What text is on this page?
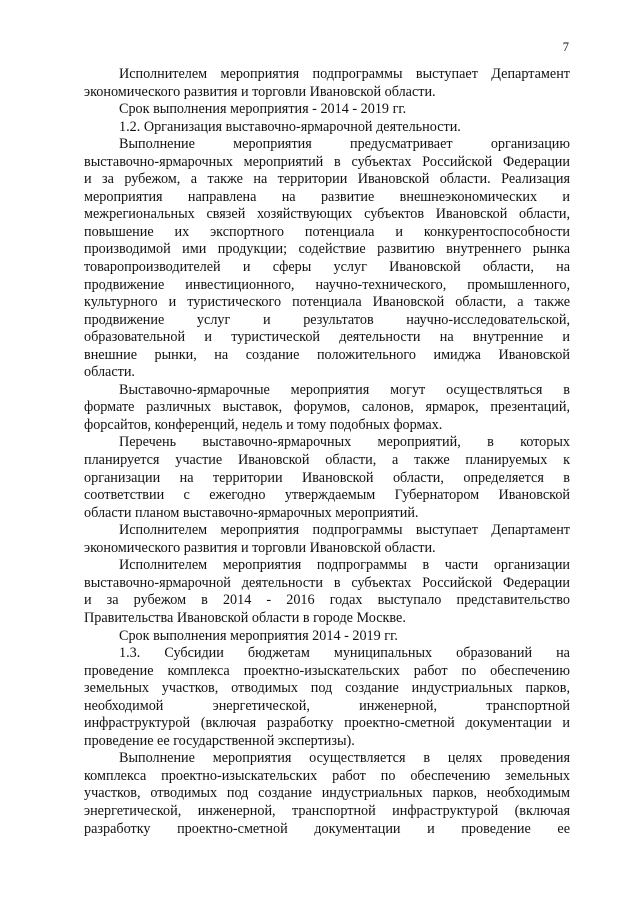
7
Исполнителем мероприятия подпрограммы выступает Департамент
экономического развития и торговли Ивановской области.
Срок выполнения мероприятия - 2014 - 2019 гг.
1.2. Организация выставочно-ярмарочной деятельности.
Выполнение мероприятия предусматривает организацию
выставочно-ярмарочных мероприятий в субъектах Российской Федерации
и за рубежом, а также на территории Ивановской области. Реализация
мероприятия направлена на развитие внешнеэкономических и
межрегиональных связей хозяйствующих субъектов Ивановской области,
повышение их экспортного потенциала и конкурентоспособности
производимой ими продукции; содействие развитию внутреннего рынка
товаропроизводителей и сферы услуг Ивановской области, на
продвижение инвестиционного, научно-технического, промышленного,
культурного и туристического потенциала Ивановской области, а также
продвижение услуг и результатов научно-исследовательской,
образовательной и туристической деятельности на внутренние и
внешние рынки, на создание положительного имиджа Ивановской
области.
Выставочно-ярмарочные мероприятия могут осуществляться в
формате различных выставок, форумов, салонов, ярмарок, презентаций,
форсайтов, конференций, недель и тому подобных формах.
Перечень выставочно-ярмарочных мероприятий, в которых
планируется участие Ивановской области, а также планируемых к
организации на территории Ивановской области, определяется в
соответствии с ежегодно утверждаемым Губернатором Ивановской
области планом выставочно-ярмарочных мероприятий.
Исполнителем мероприятия подпрограммы выступает Департамент
экономического развития и торговли Ивановской области.
Исполнителем мероприятия подпрограммы в части организации
выставочно-ярмарочной деятельности в субъектах Российской Федерации
и за рубежом в 2014 - 2016 годах выступало представительство
Правительства Ивановской области в городе Москве.
Срок выполнения мероприятия 2014 - 2019 гг.
1.3. Субсидии бюджетам муниципальных образований на
проведение комплекса проектно-изыскательских работ по обеспечению
земельных участков, отводимых под создание индустриальных парков,
необходимой энергетической, инженерной, транспортной
инфраструктурой (включая разработку проектно-сметной документации и
проведение ее государственной экспертизы).
Выполнение мероприятия осуществляется в целях проведения
комплекса проектно-изыскательских работ по обеспечению земельных
участков, отводимых под создание индустриальных парков, необходимым
энергетической, инженерной, транспортной инфраструктурой (включая
разработку проектно-сметной документации и проведение ее
